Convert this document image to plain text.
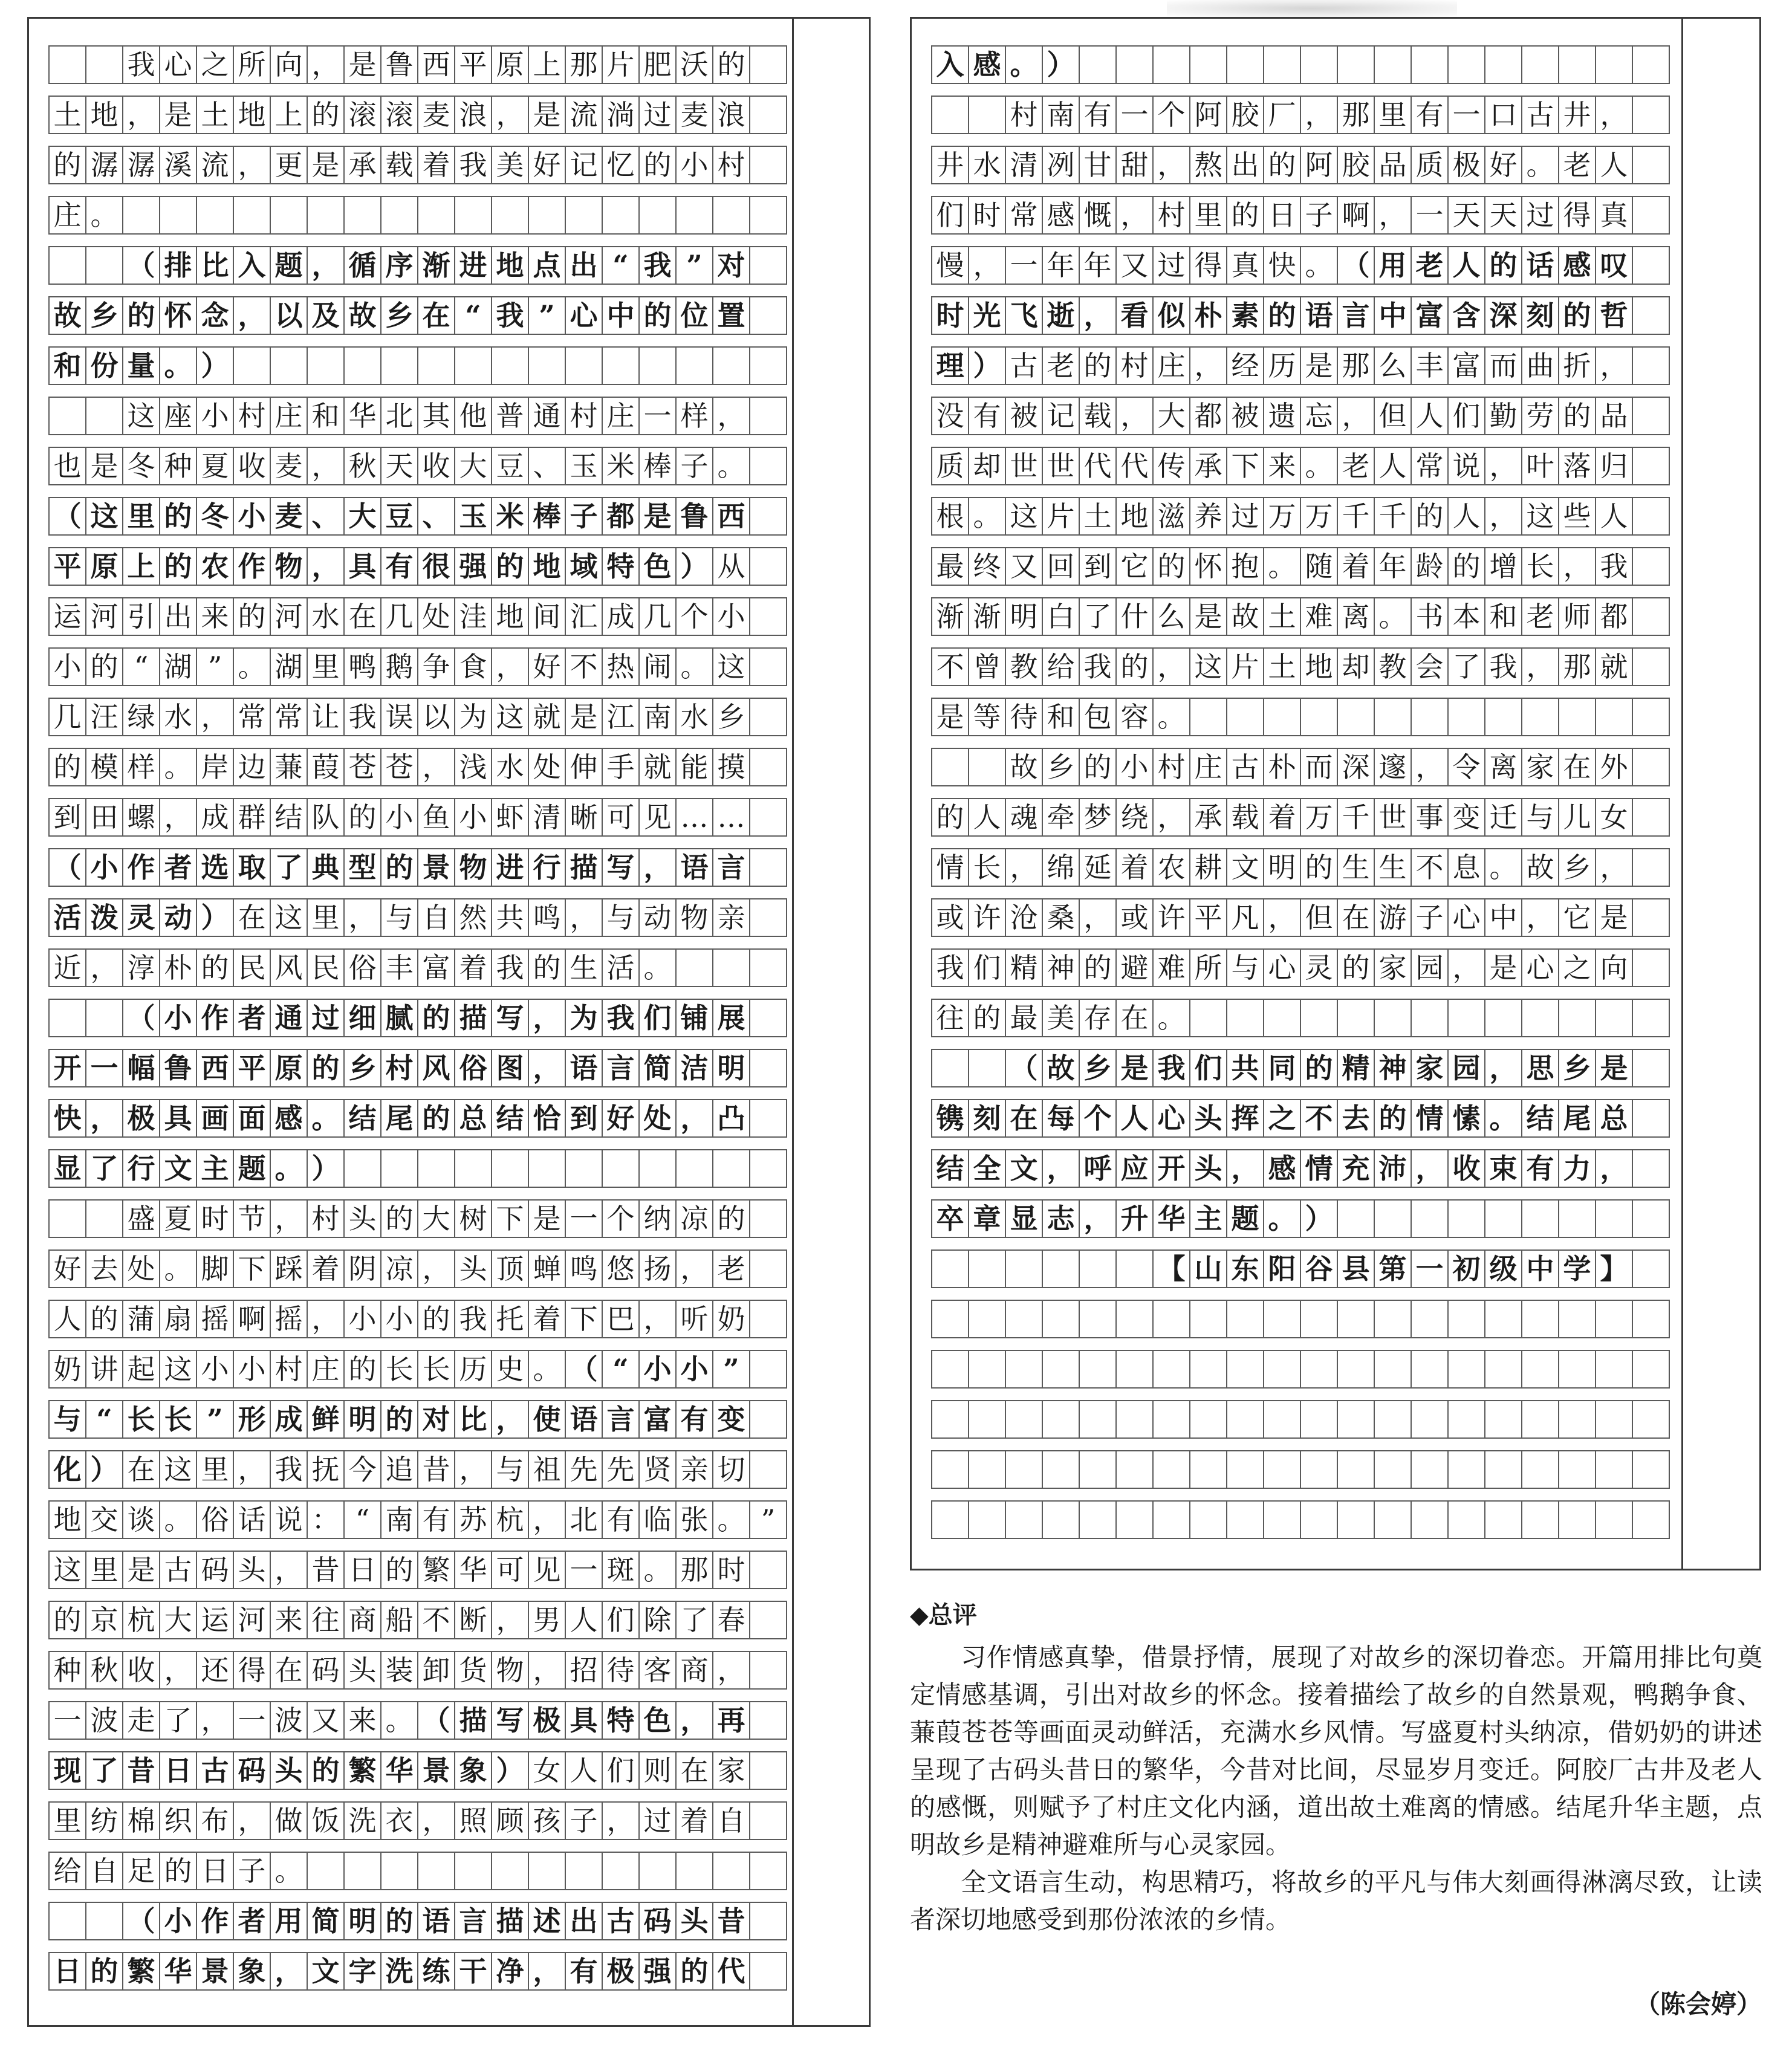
我 心 之 所 向 ， 是 鲁 西 平 原 上 那 片 肥 沃 的
土 地 ， 是 土 地 上 的 滚 滚 麦 浪 ， 是 流 淌 过 麦 浪
的 潺 潺 溪 流 ， 更 是 承 载 着 我 美 好 记 忆 的 小 村
庄 。
（ 排 比 入 题 ， 循 序 渐 进 地 点 出 “ 我 ” 对
故 乡 的 怀 念 ， 以 及 故 乡 在 “ 我 ” 心 中 的 位 置
和 份 量 。 ）
这 座 小 村 庄 和 华 北 其 他 普 通 村 庄 一 样 ，
也 是 冬 种 夏 收 麦 ， 秋 天 收 大 豆 、 玉 米 棒 子 。
（ 这 里 的 冬 小 麦 、 大 豆 、 玉 米 棒 子 都 是 鲁 西
平 原 上 的 农 作 物 ， 具 有 很 强 的 地 域 特 色 ） 从
运 河 引 出 来 的 河 水 在 几 处 洼 地 间 汇 成 几 个 小
小 的 “ 湖 ” 。 湖 里 鸭 鹅 争 食 ， 好 不 热 闹 。 这
几 汪 绿 水 ， 常 常 让 我 误 以 为 这 就 是 江 南 水 乡
的 模 样 。 岸 边 蒹 葭 苍 苍 ， 浅 水 处 伸 手 就 能 摸
到 田 螺 ， 成 群 结 队 的 小 鱼 小 虾 清 晰 可 见 … …
（ 小 作 者 选 取 了 典 型 的 景 物 进 行 描 写 ， 语 言
活 泼 灵 动 ） 在 这 里 ， 与 自 然 共 鸣 ， 与 动 物 亲
近 ， 淳 朴 的 民 风 民 俗 丰 富 着 我 的 生 活 。
（ 小 作 者 通 过 细 腻 的 描 写 ， 为 我 们 铺 展
开 一 幅 鲁 西 平 原 的 乡 村 风 俗 图 ， 语 言 简 洁 明
快 ， 极 具 画 面 感 。 结 尾 的 总 结 恰 到 好 处 ， 凸
显 了 行 文 主 题 。 ）
盛 夏 时 节 ， 村 头 的 大 树 下 是 一 个 纳 凉 的
好 去 处 。 脚 下 踩 着 阴 凉 ， 头 顶 蝉 鸣 悠 扬 ， 老
人 的 蒲 扇 摇 啊 摇 ， 小 小 的 我 托 着 下 巴 ， 听 奶
奶 讲 起 这 小 小 村 庄 的 长 长 历 史 。 （ “ 小 小 ”
与 “ 长 长 ” 形 成 鲜 明 的 对 比 ， 使 语 言 富 有 变
化 ） 在 这 里 ， 我 抚 今 追 昔 ， 与 祖 先 先 贤 亲 切
地 交 谈 。 俗 话 说 ： “ 南 有 苏 杭 ， 北 有 临 张 。 ”
这 里 是 古 码 头 ， 昔 日 的 繁 华 可 见 一 斑 。 那 时
的 京 杭 大 运 河 来 往 商 船 不 断 ， 男 人 们 除 了 春
种 秋 收 ， 还 得 在 码 头 装 卸 货 物 ， 招 待 客 商 ，
一 波 走 了 ， 一 波 又 来 。 （ 描 写 极 具 特 色 ， 再
现 了 昔 日 古 码 头 的 繁 华 景 象 ） 女 人 们 则 在 家
里 纺 棉 织 布 ， 做 饭 洗 衣 ， 照 顾 孩 子 ， 过 着 自
给 自 足 的 日 子 。
（ 小 作 者 用 简 明 的 语 言 描 述 出 古 码 头 昔
日 的 繁 华 景 象 ， 文 字 洗 练 干 净 ， 有 极 强 的 代
入 感 。 ）
村 南 有 一 个 阿 胶 厂 ， 那 里 有 一 口 古 井 ，
井 水 清 冽 甘 甜 ， 熬 出 的 阿 胶 品 质 极 好 。 老 人
们 时 常 感 慨 ， 村 里 的 日 子 啊 ， 一 天 天 过 得 真
慢 ， 一 年 年 又 过 得 真 快 。 （ 用 老 人 的 话 感 叹
时 光 飞 逝 ， 看 似 朴 素 的 语 言 中 富 含 深 刻 的 哲
理 ） 古 老 的 村 庄 ， 经 历 是 那 么 丰 富 而 曲 折 ，
没 有 被 记 载 ， 大 都 被 遗 忘 ， 但 人 们 勤 劳 的 品
质 却 世 世 代 代 传 承 下 来 。 老 人 常 说 ， 叶 落 归
根 。 这 片 土 地 滋 养 过 万 万 千 千 的 人 ， 这 些 人
最 终 又 回 到 它 的 怀 抱 。 随 着 年 龄 的 增 长 ， 我
渐 渐 明 白 了 什 么 是 故 土 难 离 。 书 本 和 老 师 都
不 曾 教 给 我 的 ， 这 片 土 地 却 教 会 了 我 ， 那 就
是 等 待 和 包 容 。
故 乡 的 小 村 庄 古 朴 而 深 邃 ， 令 离 家 在 外
的 人 魂 牵 梦 绕 ， 承 载 着 万 千 世 事 变 迁 与 儿 女
情 长 ， 绵 延 着 农 耕 文 明 的 生 生 不 息 。 故 乡 ，
或 许 沧 桑 ， 或 许 平 凡 ， 但 在 游 子 心 中 ， 它 是
我 们 精 神 的 避 难 所 与 心 灵 的 家 园 ， 是 心 之 向
往 的 最 美 存 在 。
（ 故 乡 是 我 们 共 同 的 精 神 家 园 ， 思 乡 是
镌 刻 在 每 个 人 心 头 挥 之 不 去 的 情 愫 。 结 尾 总
结 全 文 ， 呼 应 开 头 ， 感 情 充 沛 ， 收 束 有 力 ，
卒 章 显 志 ， 升 华 主 题 。 ）
【 山 东 阳 谷 县 第 一 初 级 中 学 】
◆总评

习作情感真挚，借景抒情，展现了对故乡的深切眷恋。开篇用排比句奠定情感基调，引出对故乡的怀念。接着描绘了故乡的自然景观，鸭鹅争食、蒹葭苍苍等画面灵动鲜活，充满水乡风情。写盛夏村头纳凉，借奶奶的讲述呈现了古码头昔日的繁华，今昔对比间，尽显岁月变迁。阿胶厂古井及老人的感慨，则赋予了村庄文化内涵，道出故土难离的情感。结尾升华主题，点明故乡是精神避难所与心灵家园。

全文语言生动，构思精巧，将故乡的平凡与伟大刻画得淋漓尽致，让读者深切地感受到那份浓浓的乡情。

（陈会婷）
